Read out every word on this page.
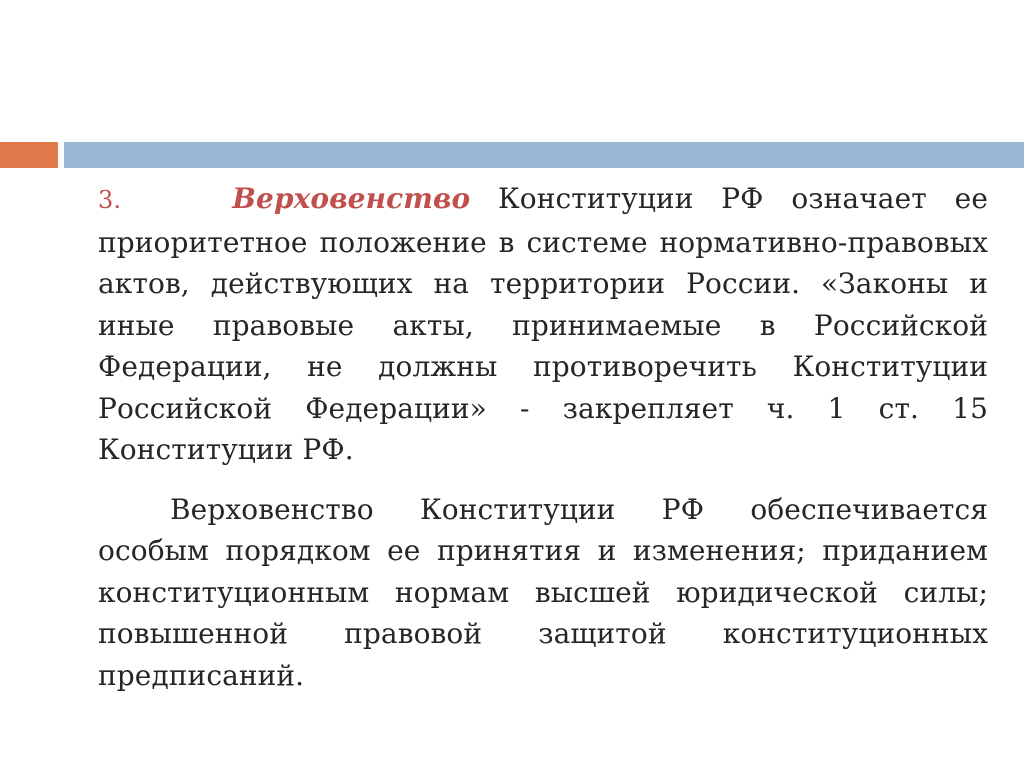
3.	Верховенство Конституции РФ означает ее приоритетное положение в системе нормативно-правовых актов, действующих на территории России. «Законы и иные правовые акты, принимаемые в Российской Федерации, не должны противоречить Конституции Российской Федерации» - закрепляет ч. 1 ст. 15 Конституции РФ.

Верховенство Конституции РФ обеспечивается особым порядком ее принятия и изменения; приданием конституционным нормам высшей юридической силы; повышенной правовой защитой конституционных предписаний.
